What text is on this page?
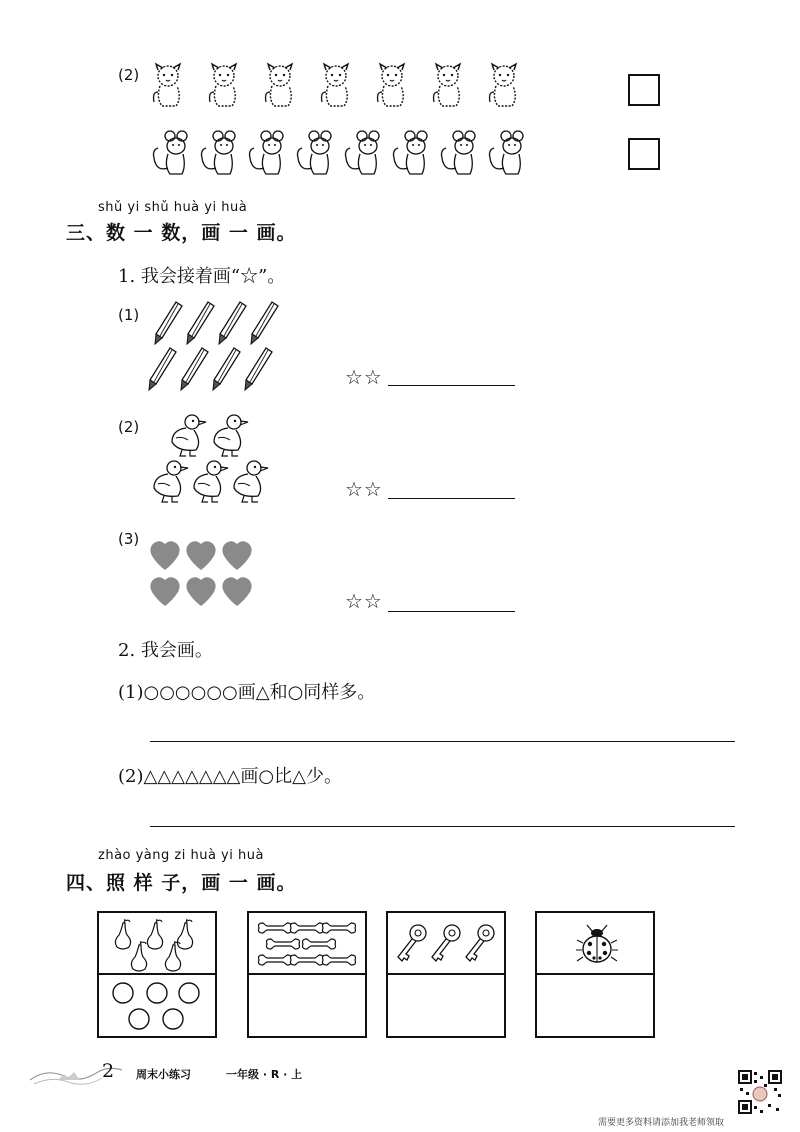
(2)
shǔ yi shǔ huà yi huà
三、数 一 数，画 一 画。
1. 我会接着画“☆”。
(1)
☆☆
(2)
☆☆
(3)
☆☆
2. 我会画。
(1)○○○○○○画△和○同样多。
(2)△△△△△△△画○比△少。
zhào yàng zi huà yi huà
四、照 样 子，画 一 画。
2 周末小练习	一年级 · R · 上
需要更多资料请添加我老师领取
